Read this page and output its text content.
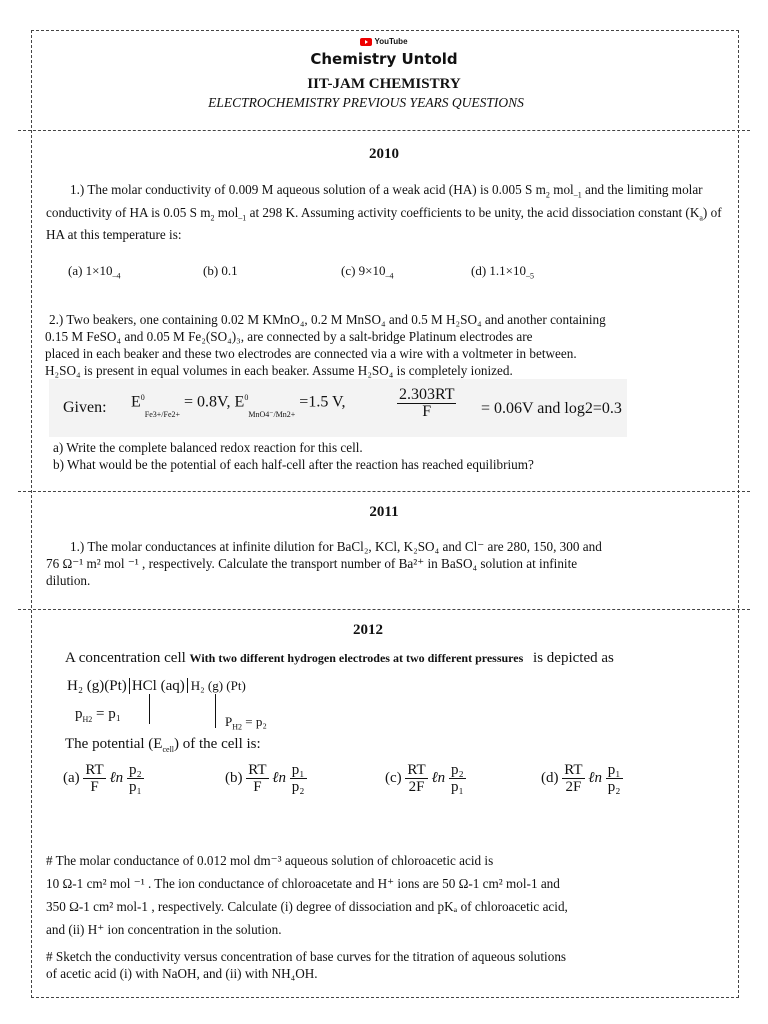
YouTube
Chemistry Untold
IIT-JAM CHEMISTRY
ELECTROCHEMISTRY PREVIOUS YEARS QUESTIONS
2010
1.) The molar conductivity of 0.009 M aqueous solution of a weak acid (HA) is 0.005 S $m_2$ mol$_{-1}$ and the limiting molar conductivity of HA is 0.05 S $m_2$ mol$_{-1}$ at 298 K. Assuming activity coefficients to be unity, the acid dissociation constant $(K_a)$ of HA at this temperature is:
(a) $1\times 10_{-4}$	(b) 0.1	(c) $9\times 10_{-4}$	(d) $1.1\times 10_{-5}$

2.) Two beakers, one containing 0.02 M KMnO₄, 0.2 M MnSO₄ and 0.5 M H₂SO₄ and another containing

0.15 M FeSO₄ and 0.05 M Fe₂(SO₄)₃, are connected by a salt-bridge Platinum electrodes are

placed in each beaker and these two electrodes are connected via a wire with a voltmeter in between.

H₂SO₄ is present in equal volumes in each beaker. Assume H₂SO₄ is completely ionized.

Given: $E^0_{Fe3+/Fe2+} = 0.8V$, $E^0_{MnO4^-/Mn2+} =1.5$ V,	$\frac{2.303RT}{F} = 0.06V$ and log2=0.3

a) Write the complete balanced redox reaction for this cell.

b) What would be the potential of each half-cell after the reaction has reached equilibrium?

2011

1.) The molar conductances at infinite dilution for BaCl₂, KCl, K₂SO₄ and Cl⁻ are 280, 150, 300 and

76 Ω⁻¹ m² mol ⁻¹ , respectively. Calculate the transport number of Ba²⁺ in BaSO₄ solution at infinite

dilution.

2012
A concentration cell With two different hydrogen electrodes at two different pressures is depicted as
H₂ (g)(Pt) HCl (aq) H₂ (g) (Pt)
$p_{H2} = p_1$	$P_{H2} = p_2$
The potential $(E_{cell})$ of the cell is:
$(a) \frac{RT}{F}$ ℓn $\frac{\text{p₂}}{\text{p₁}}$	$(b) \frac{RT}{F}$ ℓn $\frac{\text{p₁}}{\text{p₂}}$	$(c) \frac{RT}{2F}$ ℓn $\frac{\text{p₂}}{\text{p₁}}$	$(d) \frac{RT}{2F}$ ℓn $\frac{\text{p₁}}{\text{p₂}}$

# The molar conductance of 0.012 mol dm⁻³ aqueous solution of chloroacetic acid is

10 Ω-1 cm² mol ⁻¹ . The ion conductance of chloroacetate and H⁺ ions are 50 Ω-1 cm² mol-1 and

350 Ω-1 cm² mol-1 , respectively. Calculate (i) degree of dissociation and pKₐ of chloroacetic acid,

and (ii) H⁺ ion concentration in the solution.

# Sketch the conductivity versus concentration of base curves for the titration of aqueous solutions

of acetic acid (i) with NaOH, and (ii) with NH₄OH.
